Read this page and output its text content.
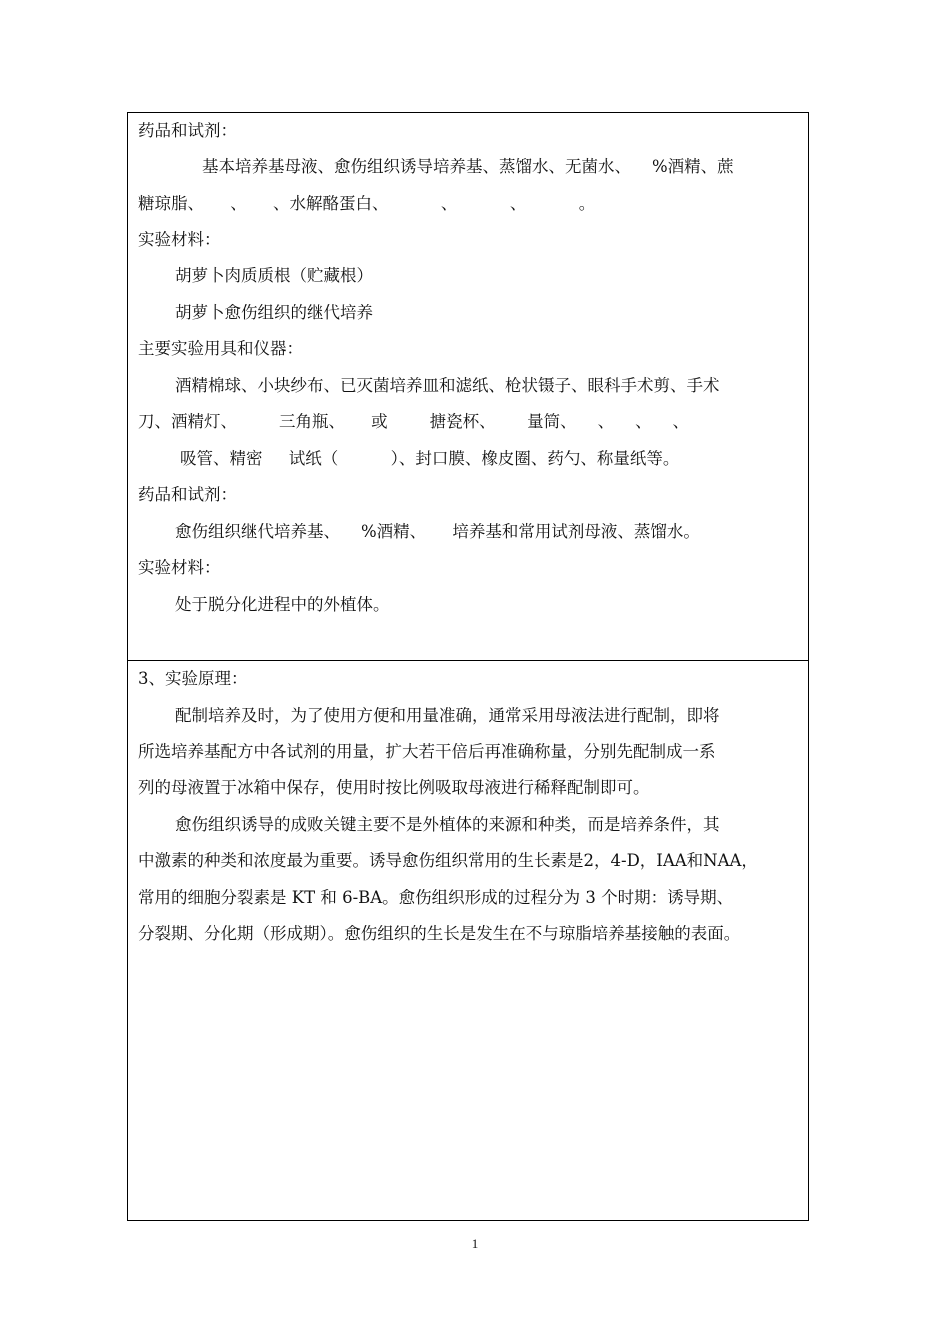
药品和试剂：
基本培养基母液、愈伤组织诱导培养基、蒸馏水、无菌水、    %酒精、蔗
糖琼脂、     、     、水解酪蛋白、          、          、          。
实验材料：
胡萝卜肉质质根（贮藏根）
胡萝卜愈伤组织的继代培养
主要实验用具和仪器：
酒精棉球、小块纱布、已灭菌培养皿和滤纸、枪状镊子、眼科手术剪、手术
刀、酒精灯、        三角瓶、     或        搪瓷杯、      量筒、    、    、    、
吸管、精密     试纸（          ）、封口膜、橡皮圈、药勺、称量纸等。
药品和试剂：
愈伤组织继代培养基、    %酒精、     培养基和常用试剂母液、蒸馏水。
实验材料：
处于脱分化进程中的外植体。
3、实验原理：
配制培养及时，为了使用方便和用量准确，通常采用母液法进行配制，即将
所选培养基配方中各试剂的用量，扩大若干倍后再准确称量，分别先配制成一系
列的母液置于冰箱中保存，使用时按比例吸取母液进行稀释配制即可。
愈伤组织诱导的成败关键主要不是外植体的来源和种类，而是培养条件，其
中激素的种类和浓度最为重要。诱导愈伤组织常用的生长素是2，4-D，IAA和NAA，
常用的细胞分裂素是 KT 和 6-BA。愈伤组织形成的过程分为 3 个时期：诱导期、
分裂期、分化期（形成期）。愈伤组织的生长是发生在不与琼脂培养基接触的表面。
1
